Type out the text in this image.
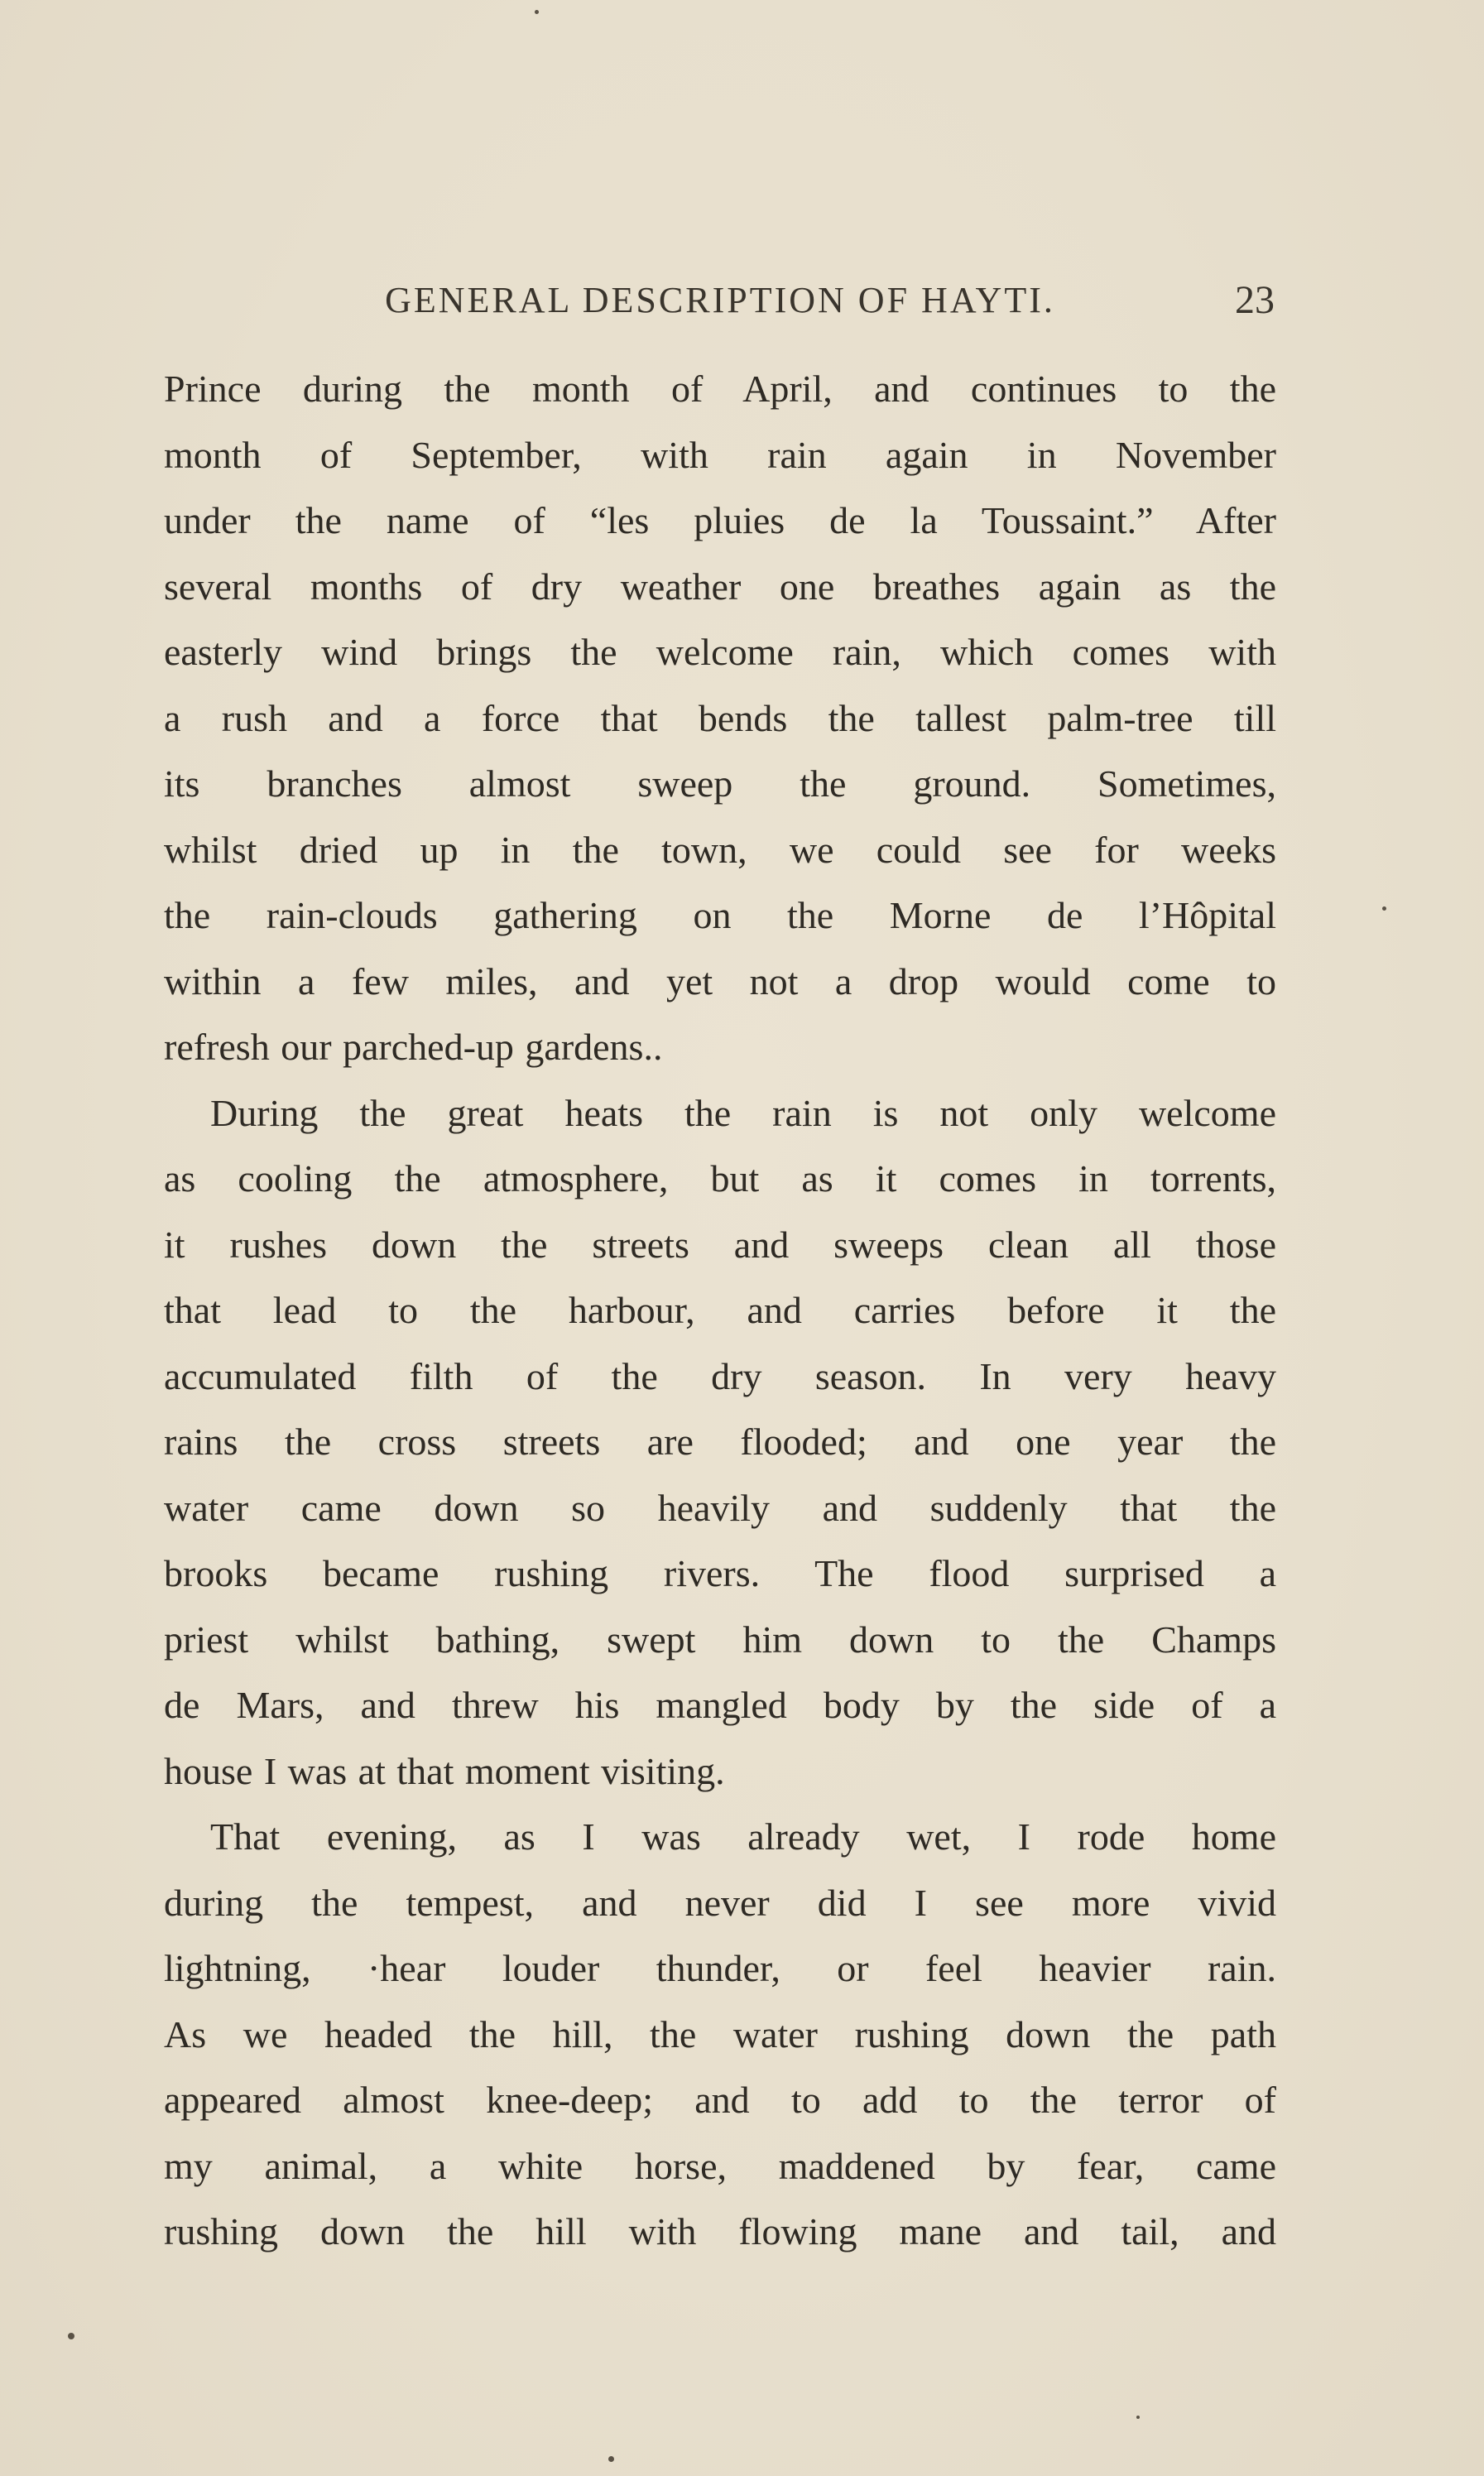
GENERAL DESCRIPTION OF HAYTI.	23
Prince during the month of April, and continues to the
month of September, with rain again in November
under the name of “les pluies de la Toussaint.” After
several months of dry weather one breathes again as the
easterly wind brings the welcome rain, which comes with
a rush and a force that bends the tallest palm-tree till
its branches almost sweep the ground. Sometimes,
whilst dried up in the town, we could see for weeks
the rain-clouds gathering on the Morne de l’Hôpital
within a few miles, and yet not a drop would come to
refresh our parched-up gardens..
During the great heats the rain is not only welcome
as cooling the atmosphere, but as it comes in torrents,
it rushes down the streets and sweeps clean all those
that lead to the harbour, and carries before it the
accumulated filth of the dry season. In very heavy
rains the cross streets are flooded; and one year the
water came down so heavily and suddenly that the
brooks became rushing rivers. The flood surprised a
priest whilst bathing, swept him down to the Champs
de Mars, and threw his mangled body by the side of a
house I was at that moment visiting.
That evening, as I was already wet, I rode home
during the tempest, and never did I see more vivid
lightning, ·hear louder thunder, or feel heavier rain.
As we headed the hill, the water rushing down the path
appeared almost knee-deep; and to add to the terror of
my animal, a white horse, maddened by fear, came
rushing down the hill with flowing mane and tail, and
